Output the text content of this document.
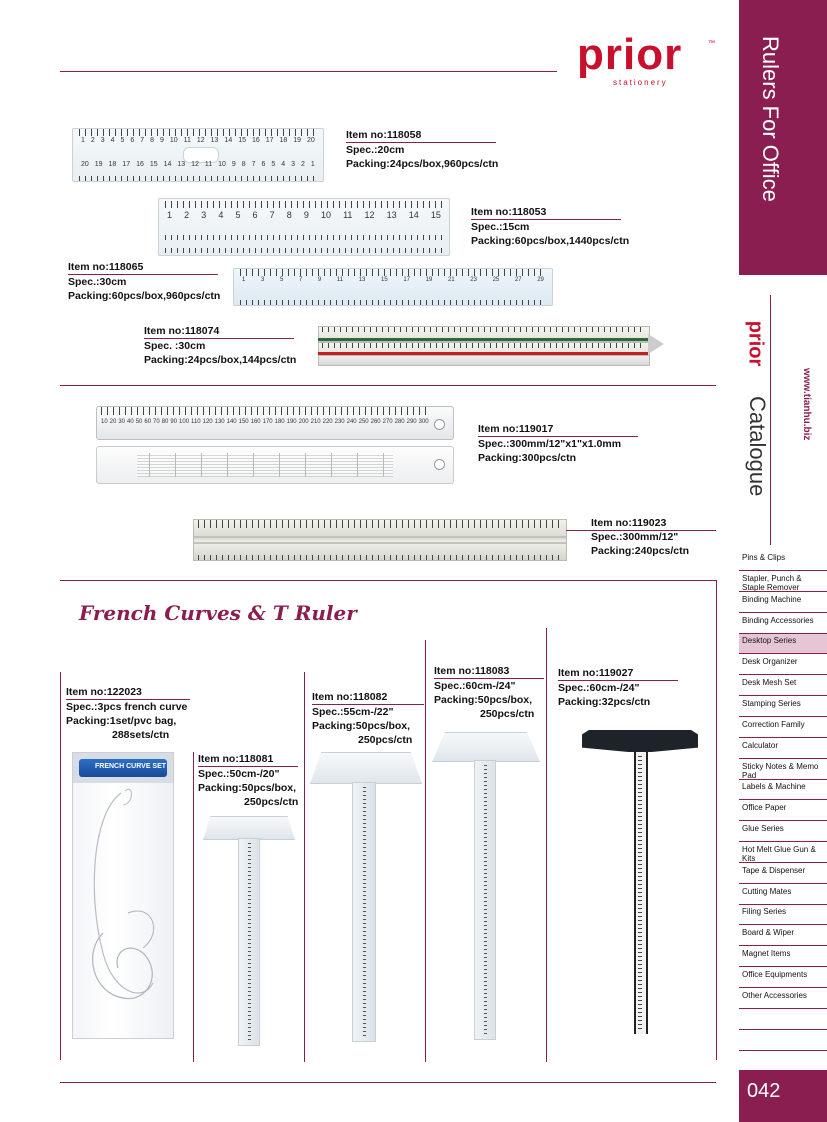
prior	™
stationery	Rulers For Office
prior
www.tianhu.biz
Catalogue
Pins & Clips
Stapler, Punch & Staple Remover
Binding Machine
Binding Accessories
Desktop Series
Desk Organizer
Desk Mesh Set
Stamping Series
Correction Family
Calculator
Sticky Notes & Memo Pad
Labels & Machine
Office Paper
Glue Series
Hot Melt Glue Gun & Kits
Tape & Dispenser
Cutting Mates
Filing Series
Board & Wiper
Magnet Items
Office Equipments
Other Accessories
042
1 2 3 4 5 6 7 8 9 10 11 12 13 14 15 16 17 18 19 20
20 19 18 17 16 15 14 13 12 11 10 9 8 7 6 5 4 3 2 1
Item no:118058
Spec.:20cm
Packing:24pcs/box,960pcs/ctn
1 2 3 4 5 6 7 8 9 10 11 12 13 14 15	Item no:118053
Spec.:15cm
Packing:60pcs/box,1440pcs/ctn
Item no:118065
Spec.:30cm
Packing:60pcs/box,960pcs/ctn
1	3	5	7	9	11	13	15	17	19	21	23	25	27	29
Item no:118074
Spec. :30cm
Packing:24pcs/box,144pcs/ctn
10 20 30 40 50 60 70 80 90 100 110 120 130 140 150 160 170 180 190 200 210 220 230 240 250 260 270 280 290 300
Item no:119017
Spec.:300mm/12"x1"x1.0mm
Packing:300pcs/ctn
Item no:119023
Spec.:300mm/12"
Packing:240pcs/ctn
French Curves & T Ruler
Item no:122023
Spec.:3pcs french curve
Packing:1set/pvc bag,
288sets/ctn
FRENCH CURVE SET
Item no:118081
Spec.:50cm-/20"
Packing:50pcs/box,
250pcs/ctn
Item no:118082
Spec.:55cm-/22"
Packing:50pcs/box,
250pcs/ctn
Item no:118083
Spec.:60cm-/24"
Packing:50pcs/box,
250pcs/ctn
Item no:119027
Spec.:60cm-/24"
Packing:32pcs/ctn
